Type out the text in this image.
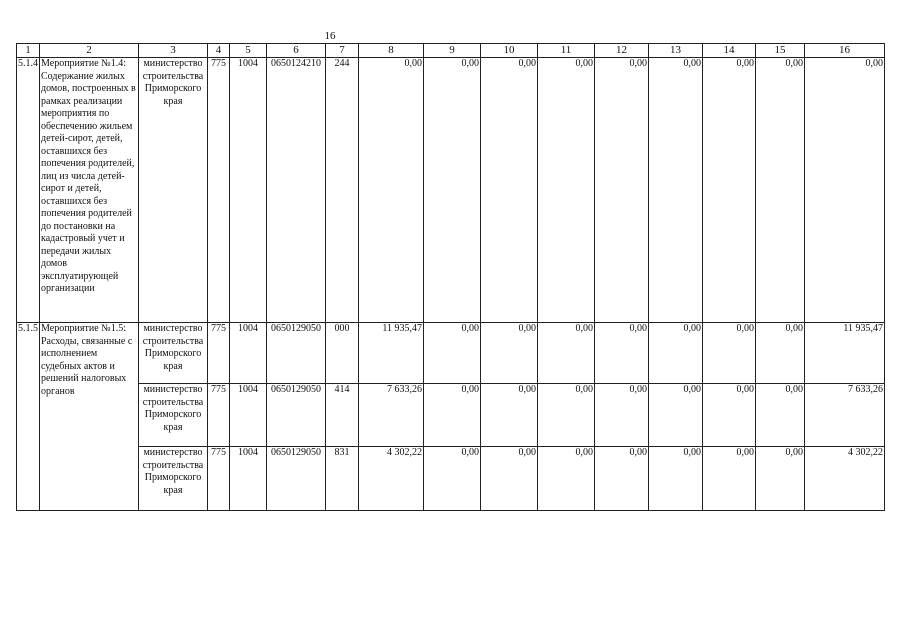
16
1	2	3	4	5	6	7	8	9	10	11	12	13	14	15	16
5.1.4	Мероприятие №1.4: Содержание жилых домов, построенных в рамках реализации мероприятия по обеспечению жильем детей-сирот, детей, оставшихся без попечения родителей, лиц из числа детей-сирот и детей, оставшихся без попечения родителей до постановки на кадастровый учет и передачи жилых домов эксплуатирующей организации	министерство строительства Приморского края	775	1004	0650124210	244	0,00	0,00	0,00	0,00	0,00	0,00	0,00	0,00	0,00
5.1.5	Мероприятие №1.5: Расходы, связанные с исполнением судебных актов и решений налоговых органов	министерство строительства Приморского края	775	1004	0650129050	000	11 935,47	0,00	0,00	0,00	0,00	0,00	0,00	0,00	11 935,47
		министерство строительства Приморского края	775	1004	0650129050	414	7 633,26	0,00	0,00	0,00	0,00	0,00	0,00	0,00	7 633,26
		министерство строительства Приморского края	775	1004	0650129050	831	4 302,22	0,00	0,00	0,00	0,00	0,00	0,00	0,00	4 302,22
